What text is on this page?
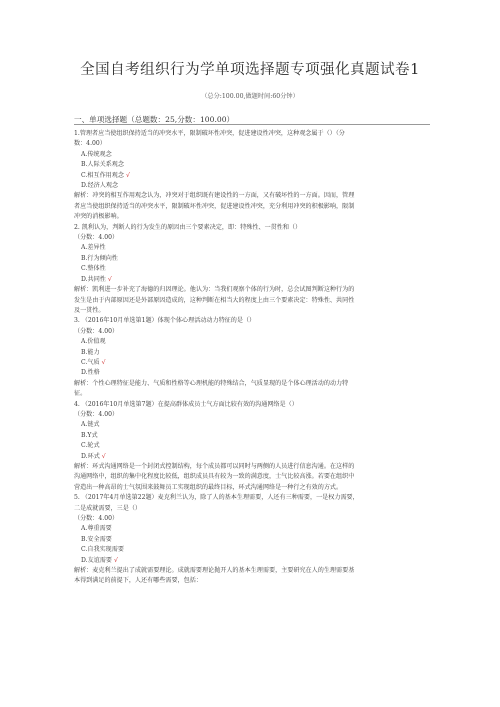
全国自考组织行为学单项选择题专项强化真题试卷1
（总分:100.00,做题时间:60分钟）
一、单项选择题（总题数：25,分数：100.00）

1.管理者应当使组织保持适当的冲突水平，限制破坏性冲突，促进建设性冲突，这种观念属于（）（分

数：4.00）

A.传统观念

B.人际关系观念

C.相互作用观念 √

D.经济人观念

解析：冲突的相互作用观念认为，冲突对于组织既有建设性的一方面，又有破坏性的一方面。因而，管理

者应当使组织保持适当的冲突水平，限制破坏性冲突，促进建设性冲突，充分利用冲突的积极影响，限制

冲突的消极影响。

2. 凯利认为，判断人的行为发生的原因由三个要素决定，即：特殊性、一贯性和（）

（分数：4.00）

A.差异性

B.行为倾向性

C.整体性

D.共同性 √

解析：凯利进一步补充了海德的归因理论。他认为：当我们观察个体的行为时，总会试图判断这种行为的

发生是由于内部原因还是外部原因造成的，这种判断在相当大的程度上由三个要素决定：特殊性、共同性

及一贯性。

3. （2016年10月单选第1题）体现个体心理活动动力特征的是（）

（分数：4.00）

A.价值观

B.能力

C.气质 √

D.性格

解析：个性心理特征是能力、气质和性格等心理机能的特殊结合，气质显现的是个体心理活动的动力特

征。

4. （2016年10月单选第7题）在提高群体成员士气方面比较有效的沟通网络是（）

（分数：4.00）

A.链式

B.Y式

C.轮式

D.环式 √

解析：环式沟通网络是一个封闭式控制结构，每个成员都可以同时与两侧的人员进行信息沟通。在这样的

沟通网络中，组织的集中化程度比较低，组织成员具有较为一致的满意度，士气比较高涨。若要在组织中

营造出一种高昂的士气氛围来鼓舞员工实现组织的最终目标，环式沟通网络是一种行之有效的方式。

5. （2017年4月单选第22题）麦克利兰认为，除了人的基本生理需要，人还有三种需要，一是权力需要，

二是成就需要，三是（）

（分数：4.00）

A.尊重需要

B.安全需要

C.自我实现需要

D.友谊需要 √

解析：麦克利兰提出了成就需要理论。成就需要理论抛开人的基本生理需要，主要研究在人的生理需要基

本得到满足的前提下，人还有哪些需要，包括：
